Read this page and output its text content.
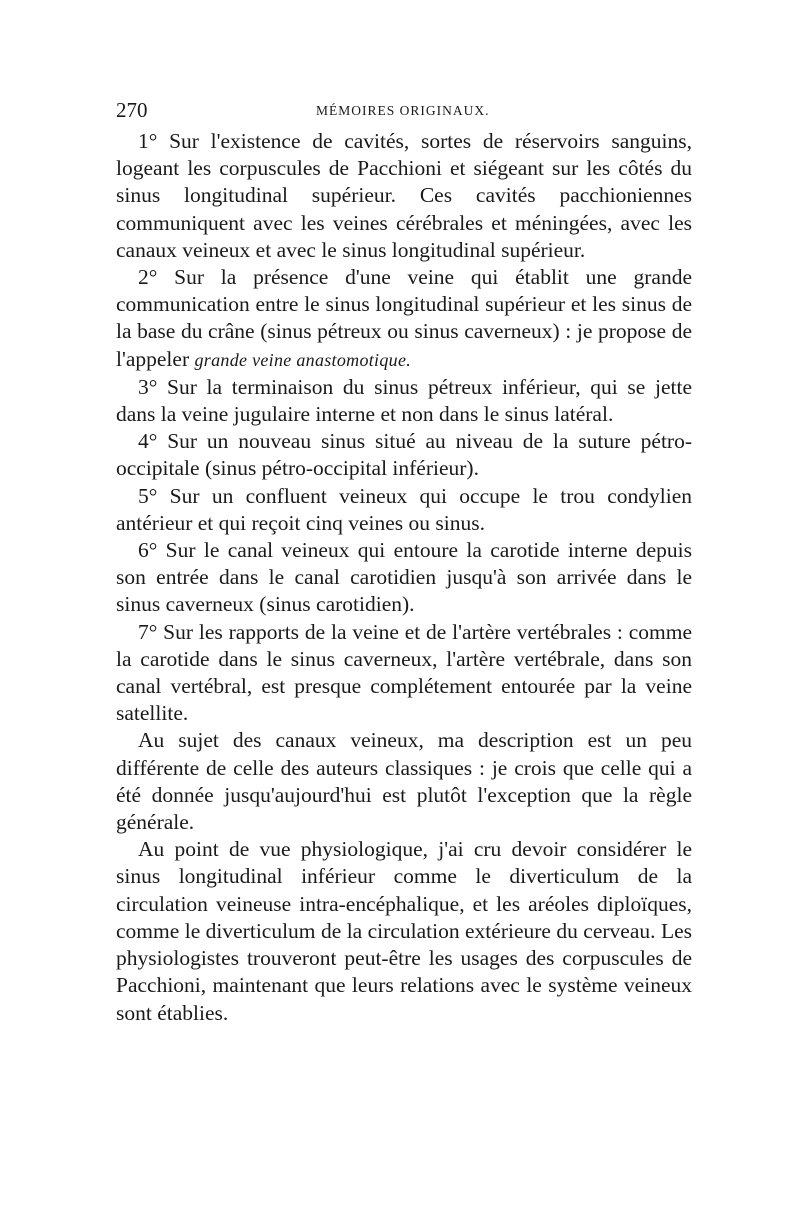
270	MÉMOIRES ORIGINAUX.

1° Sur l'existence de cavités, sortes de réservoirs sanguins, logeant les corpuscules de Pacchioni et siégeant sur les côtés du sinus longitudinal supérieur. Ces cavités pacchioniennes communiquent avec les veines cérébrales et méningées, avec les canaux veineux et avec le sinus longitudinal supérieur.

2° Sur la présence d'une veine qui établit une grande communication entre le sinus longitudinal supérieur et les sinus de la base du crâne (sinus pétreux ou sinus caverneux) : je propose de l'appeler grande veine anastomotique.

3° Sur la terminaison du sinus pétreux inférieur, qui se jette dans la veine jugulaire interne et non dans le sinus latéral.

4° Sur un nouveau sinus situé au niveau de la suture pétro-occipitale (sinus pétro-occipital inférieur).

5° Sur un confluent veineux qui occupe le trou condylien antérieur et qui reçoit cinq veines ou sinus.

6° Sur le canal veineux qui entoure la carotide interne depuis son entrée dans le canal carotidien jusqu'à son arrivée dans le sinus caverneux (sinus carotidien).

7° Sur les rapports de la veine et de l'artère vertébrales : comme la carotide dans le sinus caverneux, l'artère vertébrale, dans son canal vertébral, est presque complétement entourée par la veine satellite.

Au sujet des canaux veineux, ma description est un peu différente de celle des auteurs classiques : je crois que celle qui a été donnée jusqu'aujourd'hui est plutôt l'exception que la règle générale.

Au point de vue physiologique, j'ai cru devoir considérer le sinus longitudinal inférieur comme le diverticulum de la circulation veineuse intra-encéphalique, et les aréoles diploïques, comme le diverticulum de la circulation extérieure du cerveau. Les physiologistes trouveront peut-être les usages des corpuscules de Pacchioni, maintenant que leurs relations avec le système veineux sont établies.
